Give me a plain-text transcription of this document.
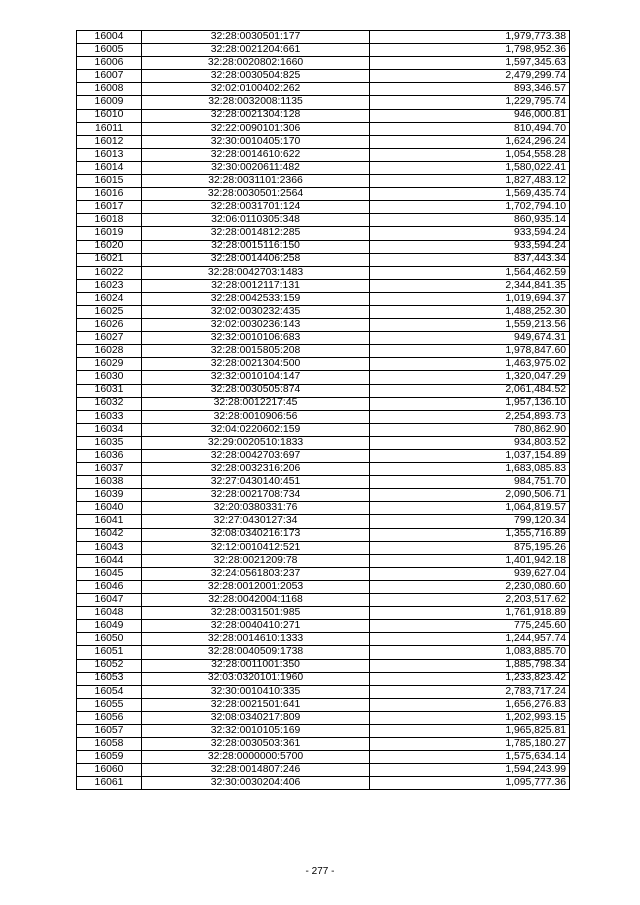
16004	32:28:0030501:177	1,979,773.38
16005	32:28:0021204:661	1,798,952.36
16006	32:28:0020802:1660	1,597,345.63
16007	32:28:0030504:825	2,479,299.74
16008	32:02:0100402:262	893,346.57
16009	32:28:0032008:1135	1,229,795.74
16010	32:28:0021304:128	946,000.81
16011	32:22:0090101:306	810,494.70
16012	32:30:0010405:170	1,624,296.24
16013	32:28:0014610:622	1,054,558.28
16014	32:30:0020611:482	1,580,022.41
16015	32:28:0031101:2366	1,827,483.12
16016	32:28:0030501:2564	1,569,435.74
16017	32:28:0031701:124	1,702,794.10
16018	32:06:0110305:348	860,935.14
16019	32:28:0014812:285	933,594.24
16020	32:28:0015116:150	933,594.24
16021	32:28:0014406:258	837,443.34
16022	32:28:0042703:1483	1,564,462.59
16023	32:28:0012117:131	2,344,841.35
16024	32:28:0042533:159	1,019,694.37
16025	32:02:0030232:435	1,488,252.30
16026	32:02:0030236:143	1,559,213.56
16027	32:32:0010106:683	949,674.31
16028	32:28:0015805:208	1,978,847.60
16029	32:28:0021304:500	1,463,975.02
16030	32:32:0010104:147	1,320,047.29
16031	32:28:0030505:874	2,061,484.52
16032	32:28:0012217:45	1,957,136.10
16033	32:28:0010906:56	2,254,893.73
16034	32:04:0220602:159	780,862.90
16035	32:29:0020510:1833	934,803.52
16036	32:28:0042703:697	1,037,154.89
16037	32:28:0032316:206	1,683,085.83
16038	32:27:0430140:451	984,751.70
16039	32:28:0021708:734	2,090,506.71
16040	32:20:0380331:76	1,064,819.57
16041	32:27:0430127:34	799,120.34
16042	32:08:0340216:173	1,355,716.89
16043	32:12:0010412:521	875,195.26
16044	32:28:0021209:78	1,401,942.18
16045	32:24:0561803:237	939,627.04
16046	32:28:0012001:2053	2,230,080.60
16047	32:28:0042004:1168	2,203,517.62
16048	32:28:0031501:985	1,761,918.89
16049	32:28:0040410:271	775,245.60
16050	32:28:0014610:1333	1,244,957.74
16051	32:28:0040509:1738	1,083,885.70
16052	32:28:0011001:350	1,885,798.34
16053	32:03:0320101:1960	1,233,823.42
16054	32:30:0010410:335	2,783,717.24
16055	32:28:0021501:641	1,656,276.83
16056	32:08:0340217:809	1,202,993.15
16057	32:32:0010105:169	1,965,825.81
16058	32:28:0030503:361	1,785,180.27
16059	32:28:0000000:5700	1,575,634.14
16060	32:28:0014807:246	1,594,243.99
16061	32:30:0030204:406	1,095,777.36
- 277 -
